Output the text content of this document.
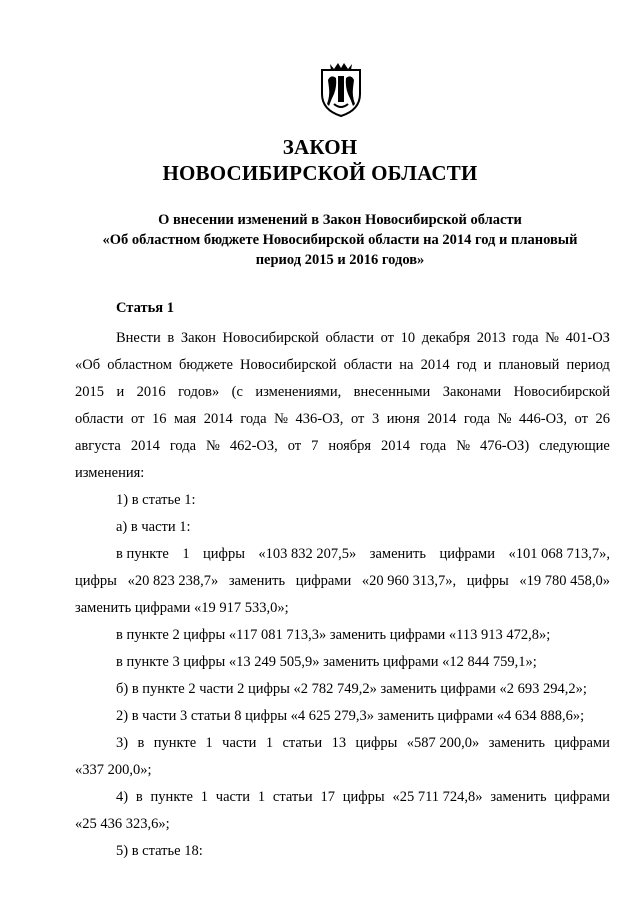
ЗАКОН
НОВОСИБИРСКОЙ ОБЛАСТИ
О внесении изменений в Закон Новосибирской области
«Об областном бюджете Новосибирской области на 2014 год и плановый
период 2015 и 2016 годов»
Статья 1
Внести в Закон Новосибирской области от 10 декабря 2013 года № 401-ОЗ
«Об областном бюджете Новосибирской области на 2014 год и плановый период
2015 и 2016 годов» (с изменениями, внесенными Законами Новосибирской
области от 16 мая 2014 года № 436-ОЗ, от 3 июня 2014 года № 446-ОЗ, от 26
августа 2014 года № 462-ОЗ, от 7 ноября 2014 года № 476-ОЗ) следующие
изменения:
1) в статье 1:
а) в части 1:
в пункте 1 цифры «103 832 207,5» заменить цифрами «101 068 713,7»,
цифры «20 823 238,7» заменить цифрами «20 960 313,7», цифры «19 780 458,0»
заменить цифрами «19 917 533,0»;
в пункте 2 цифры «117 081 713,3» заменить цифрами «113 913 472,8»;
в пункте 3 цифры «13 249 505,9» заменить цифрами «12 844 759,1»;
б) в пункте 2 части 2 цифры «2 782 749,2» заменить цифрами «2 693 294,2»;
2) в части 3 статьи 8 цифры «4 625 279,3» заменить цифрами «4 634 888,6»;
3) в пункте 1 части 1 статьи 13 цифры «587 200,0» заменить цифрами
«337 200,0»;
4) в пункте 1 части 1 статьи 17 цифры «25 711 724,8» заменить цифрами
«25 436 323,6»;
5) в статье 18:
